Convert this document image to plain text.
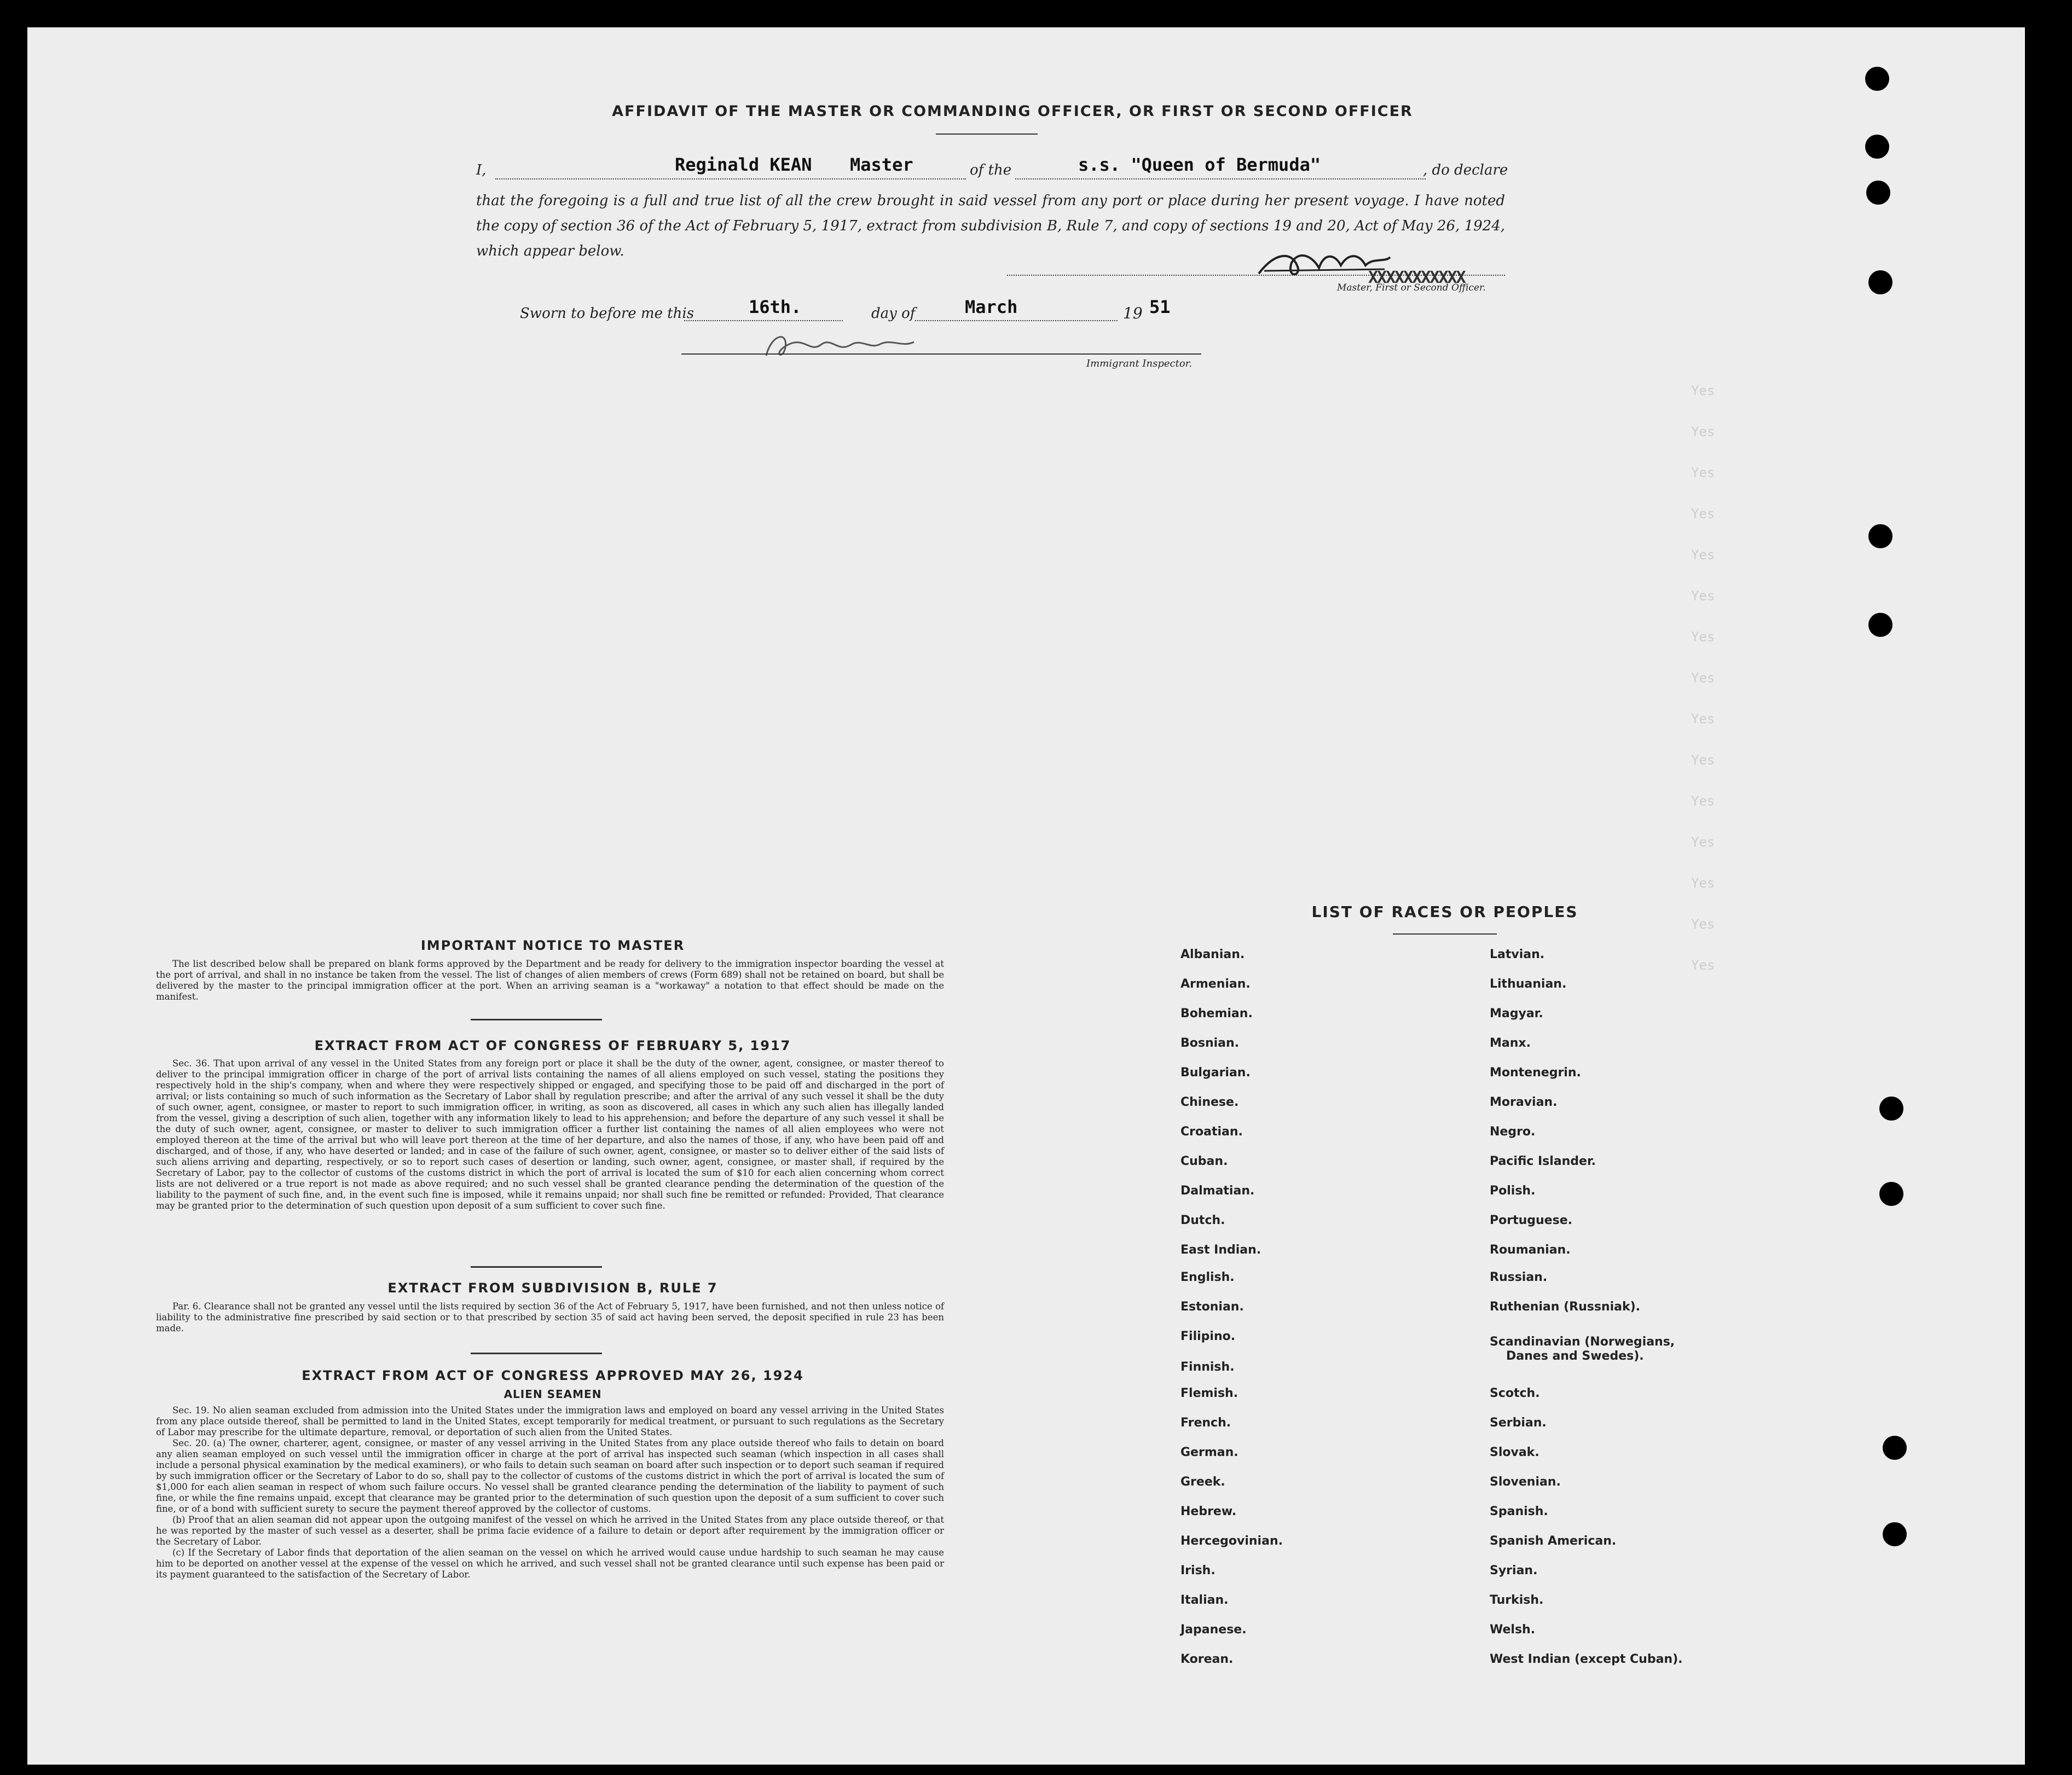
Yes
Yes
Yes
Yes
Yes
Yes
Yes
Yes
Yes
Yes
Yes
Yes
Yes
Yes
Yes
AFFIDAVIT OF THE MASTER OR COMMANDING OFFICER, OR FIRST OR SECOND OFFICER
I,	Reginald KEAN Master	of the	s.s. "Queen of Bermuda"	, do declare
that the foregoing is a full and true list of all the crew brought in said vessel from any port or place during her present voyage. I have noted the copy of section 36 of the Act of February 5, 1917, extract from subdivision B, Rule 7, and copy of sections 19 and 20, Act of May 26, 1924, which appear below.
XXXXXXXXXXX
Master, First or Second Officer.
Sworn to before me this	16th.	day of	March	19 51
Immigrant Inspector.
IMPORTANT NOTICE TO MASTER
The list described below shall be prepared on blank forms approved by the Department and be ready for delivery to the immigration inspector boarding the vessel at the port of arrival, and shall in no instance be taken from the vessel. The list of changes of alien members of crews (Form 689) shall not be retained on board, but shall be delivered by the master to the principal immigration officer at the port. When an arriving seaman is a "workaway" a notation to that effect should be made on the manifest.
EXTRACT FROM ACT OF CONGRESS OF FEBRUARY 5, 1917
Sec. 36. That upon arrival of any vessel in the United States from any foreign port or place it shall be the duty of the owner, agent, consignee, or master thereof to deliver to the principal immigration officer in charge of the port of arrival lists containing the names of all aliens employed on such vessel, stating the positions they respectively hold in the ship's company, when and where they were respectively shipped or engaged, and specifying those to be paid off and discharged in the port of arrival; or lists containing so much of such information as the Secretary of Labor shall by regulation prescribe; and after the arrival of any such vessel it shall be the duty of such owner, agent, consignee, or master to report to such immigration officer, in writing, as soon as discovered, all cases in which any such alien has illegally landed from the vessel, giving a description of such alien, together with any information likely to lead to his apprehension; and before the departure of any such vessel it shall be the duty of such owner, agent, consignee, or master to deliver to such immigration officer a further list containing the names of all alien employees who were not employed thereon at the time of the arrival but who will leave port thereon at the time of her departure, and also the names of those, if any, who have been paid off and discharged, and of those, if any, who have deserted or landed; and in case of the failure of such owner, agent, consignee, or master so to deliver either of the said lists of such aliens arriving and departing, respectively, or so to report such cases of desertion or landing, such owner, agent, consignee, or master shall, if required by the Secretary of Labor, pay to the collector of customs of the customs district in which the port of arrival is located the sum of $10 for each alien concerning whom correct lists are not delivered or a true report is not made as above required; and no such vessel shall be granted clearance pending the determination of the question of the liability to the payment of such fine, and, in the event such fine is imposed, while it remains unpaid; nor shall such fine be remitted or refunded: Provided, That clearance may be granted prior to the determination of such question upon deposit of a sum sufficient to cover such fine.
EXTRACT FROM SUBDIVISION B, RULE 7
Par. 6. Clearance shall not be granted any vessel until the lists required by section 36 of the Act of February 5, 1917, have been furnished, and not then unless notice of liability to the administrative fine prescribed by said section or to that prescribed by section 35 of said act having been served, the deposit specified in rule 23 has been made.
EXTRACT FROM ACT OF CONGRESS APPROVED MAY 26, 1924
ALIEN SEAMEN
Sec. 19. No alien seaman excluded from admission into the United States under the immigration laws and employed on board any vessel arriving in the United States from any place outside thereof, shall be permitted to land in the United States, except temporarily for medical treatment, or pursuant to such regulations as the Secretary of Labor may prescribe for the ultimate departure, removal, or deportation of such alien from the United States.
Sec. 20. (a) The owner, charterer, agent, consignee, or master of any vessel arriving in the United States from any place outside thereof who fails to detain on board any alien seaman employed on such vessel until the immigration officer in charge at the port of arrival has inspected such seaman (which inspection in all cases shall include a personal physical examination by the medical examiners), or who fails to detain such seaman on board after such inspection or to deport such seaman if required by such immigration officer or the Secretary of Labor to do so, shall pay to the collector of customs of the customs district in which the port of arrival is located the sum of $1,000 for each alien seaman in respect of whom such failure occurs. No vessel shall be granted clearance pending the determination of the liability to payment of such fine, or while the fine remains unpaid, except that clearance may be granted prior to the determination of such question upon the deposit of a sum sufficient to cover such fine, or of a bond with sufficient surety to secure the payment thereof approved by the collector of customs.
(b) Proof that an alien seaman did not appear upon the outgoing manifest of the vessel on which he arrived in the United States from any place outside thereof, or that he was reported by the master of such vessel as a deserter, shall be prima facie evidence of a failure to detain or deport after requirement by the immigration officer or the Secretary of Labor.
(c) If the Secretary of Labor finds that deportation of the alien seaman on the vessel on which he arrived would cause undue hardship to such seaman he may cause him to be deported on another vessel at the expense of the vessel on which he arrived, and such vessel shall not be granted clearance until such expense has been paid or its payment guaranteed to the satisfaction of the Secretary of Labor.
LIST OF RACES OR PEOPLES
Albanian.
Armenian.
Bohemian.
Bosnian.
Bulgarian.
Chinese.
Croatian.
Cuban.
Dalmatian.
Dutch.
East Indian.
English.
Estonian.
Filipino.
Finnish.
Flemish.
French.
German.
Greek.
Hebrew.
Hercegovinian.
Irish.
Italian.
Japanese.
Korean.
Latvian.
Lithuanian.
Magyar.
Manx.
Montenegrin.
Moravian.
Negro.
Pacific Islander.
Polish.
Portuguese.
Roumanian.
Russian.
Ruthenian (Russniak).
Scandinavian (Norwegians,
Danes and Swedes).
Scotch.
Serbian.
Slovak.
Slovenian.
Spanish.
Spanish American.
Syrian.
Turkish.
Welsh.
West Indian (except Cuban).
